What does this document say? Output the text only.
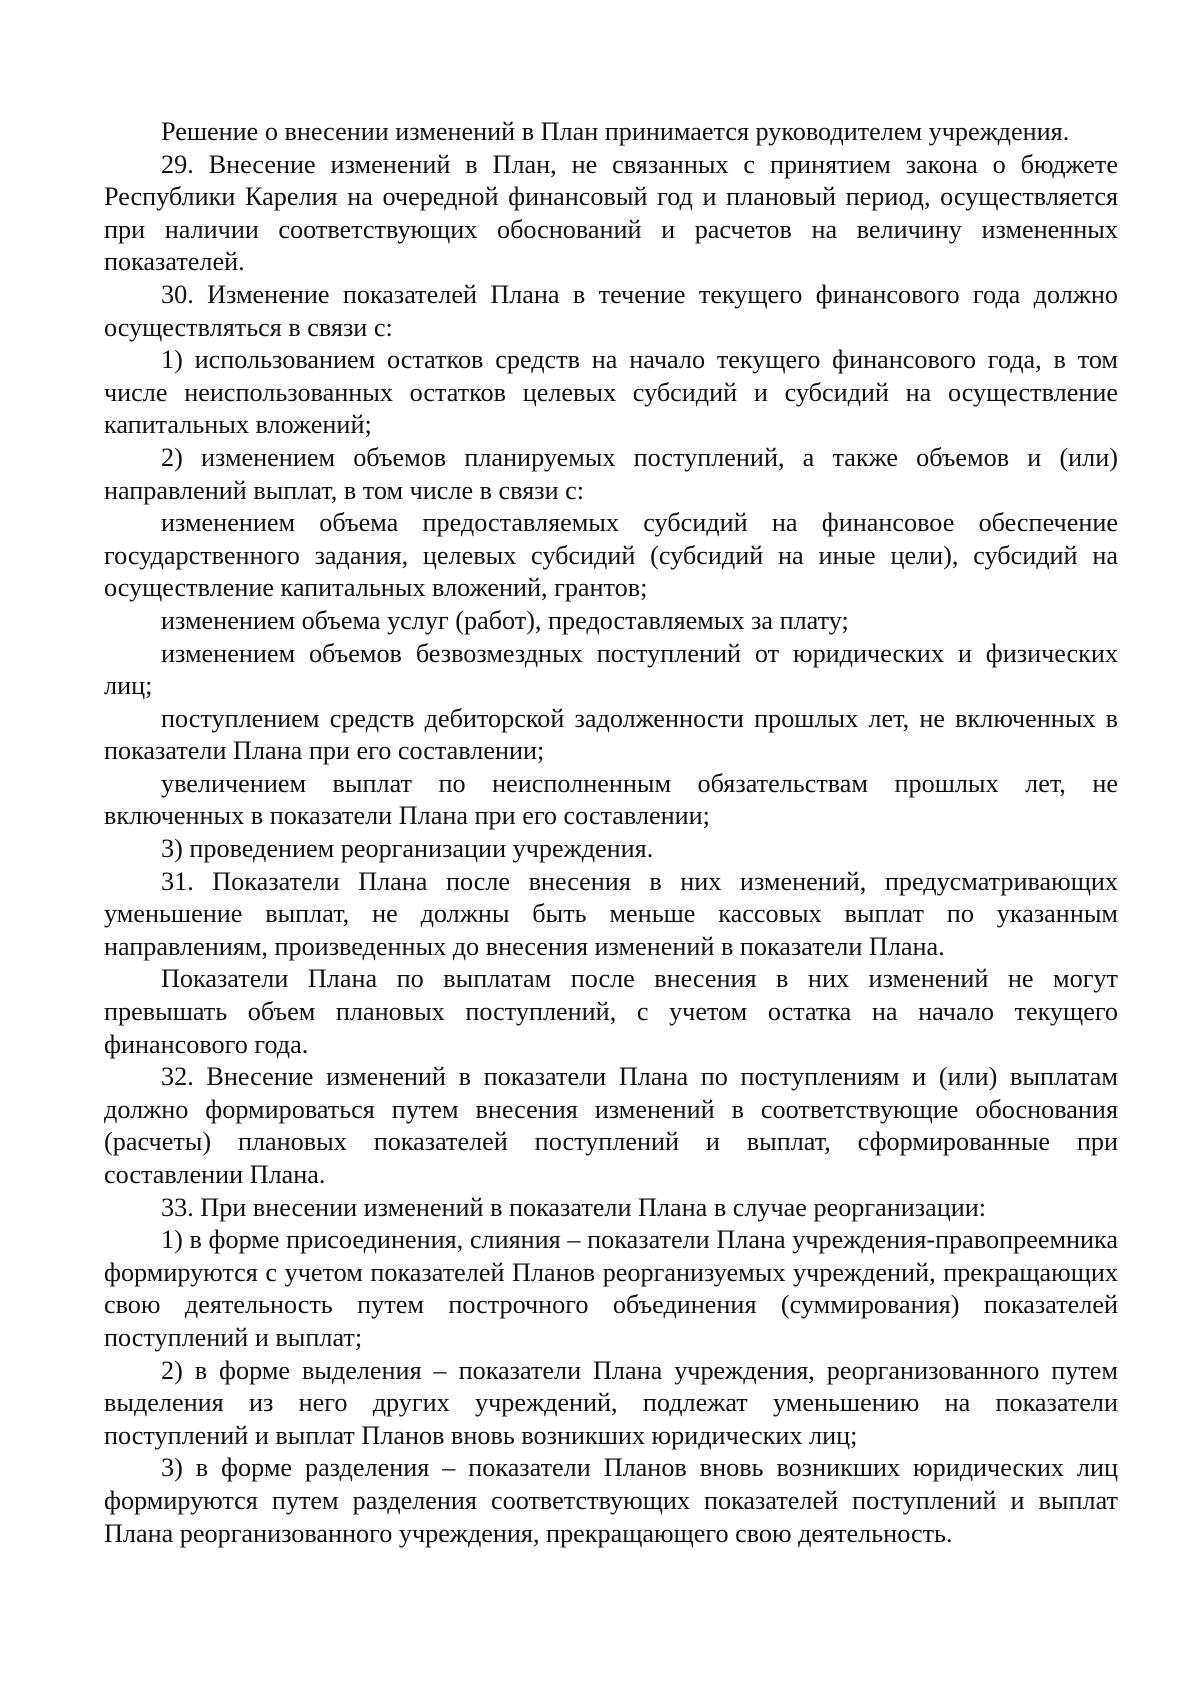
Решение о внесении изменений в План принимается руководителем учреждения.

29. Внесение изменений в План, не связанных с принятием закона о бюджете Республики Карелия на очередной финансовый год и плановый период, осуществляется при наличии соответствующих обоснований и расчетов на величину измененных показателей.

30. Изменение показателей Плана в течение текущего финансового года должно осуществляться в связи с:

1) использованием остатков средств на начало текущего финансового года, в том числе неиспользованных остатков целевых субсидий и субсидий на осуществление капитальных вложений;

2) изменением объемов планируемых поступлений, а также объемов и (или) направлений выплат, в том числе в связи с:

изменением объема предоставляемых субсидий на финансовое обеспечение государственного задания, целевых субсидий (субсидий на иные цели), субсидий на осуществление капитальных вложений, грантов;

изменением объема услуг (работ), предоставляемых за плату;

изменением объемов безвозмездных поступлений от юридических и физических лиц;

поступлением средств дебиторской задолженности прошлых лет, не включенных в показатели Плана при его составлении;

увеличением выплат по неисполненным обязательствам прошлых лет, не включенных в показатели Плана при его составлении;

3) проведением реорганизации учреждения.

31. Показатели Плана после внесения в них изменений, предусматривающих уменьшение выплат, не должны быть меньше кассовых выплат по указанным направлениям, произведенных до внесения изменений в показатели Плана.

Показатели Плана по выплатам после внесения в них изменений не могут превышать объем плановых поступлений, с учетом остатка на начало текущего финансового года.

32. Внесение изменений в показатели Плана по поступлениям и (или) выплатам должно формироваться путем внесения изменений в соответствующие обоснования (расчеты) плановых показателей поступлений и выплат, сформированные при составлении Плана.

33. При внесении изменений в показатели Плана в случае реорганизации:

1) в форме присоединения, слияния – показатели Плана учреждения-правопреемника формируются с учетом показателей Планов реорганизуемых учреждений, прекращающих свою деятельность путем построчного объединения (суммирования) показателей поступлений и выплат;

2) в форме выделения – показатели Плана учреждения, реорганизованного путем выделения из него других учреждений, подлежат уменьшению на показатели поступлений и выплат Планов вновь возникших юридических лиц;

3) в форме разделения – показатели Планов вновь возникших юридических лиц формируются путем разделения соответствующих показателей поступлений и выплат Плана реорганизованного учреждения, прекращающего свою деятельность.
